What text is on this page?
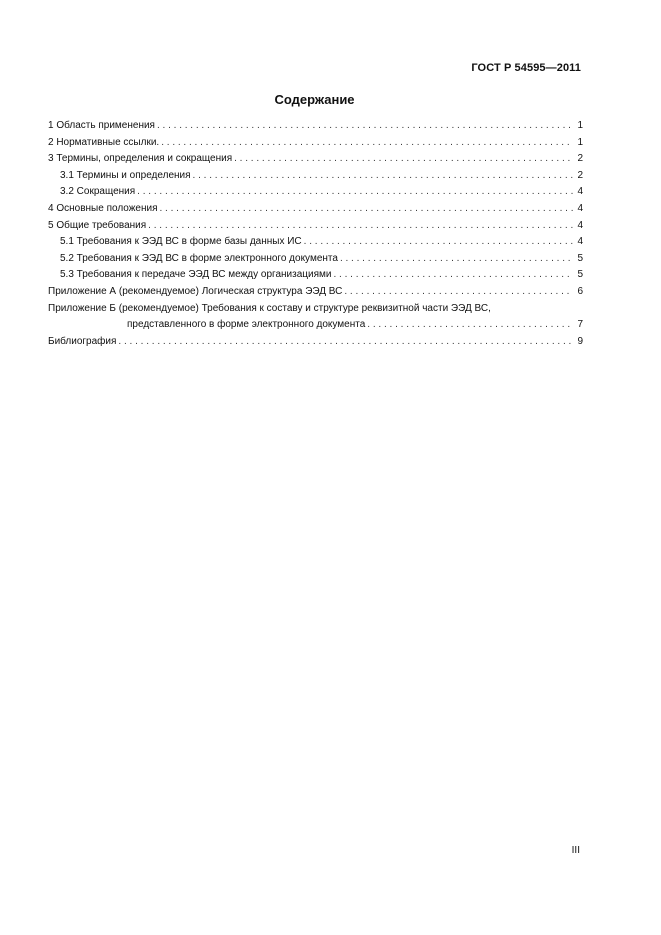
ГОСТ Р 54595—2011
Содержание
1 Область применения . . .	1
2 Нормативные ссылки. . . .	1
3 Термины, определения и сокращения . . .	2
3.1 Термины и определения . . .	2
3.2 Сокращения . . .	4
4 Основные положения . . .	4
5 Общие требования . . .	4
5.1 Требования к ЭЭД ВС в форме базы данных ИС . . .	4
5.2 Требования к ЭЭД ВС в форме электронного документа . . .	5
5.3 Требования к передаче ЭЭД ВС между организациями . . .	5
Приложение А (рекомендуемое) Логическая структура ЭЭД ВС . . .	6
Приложение Б (рекомендуемое) Требования к составу и структуре реквизитной части ЭЭД ВС,
представленного в форме электронного документа . . .	7
Библиография . . .	9
III
